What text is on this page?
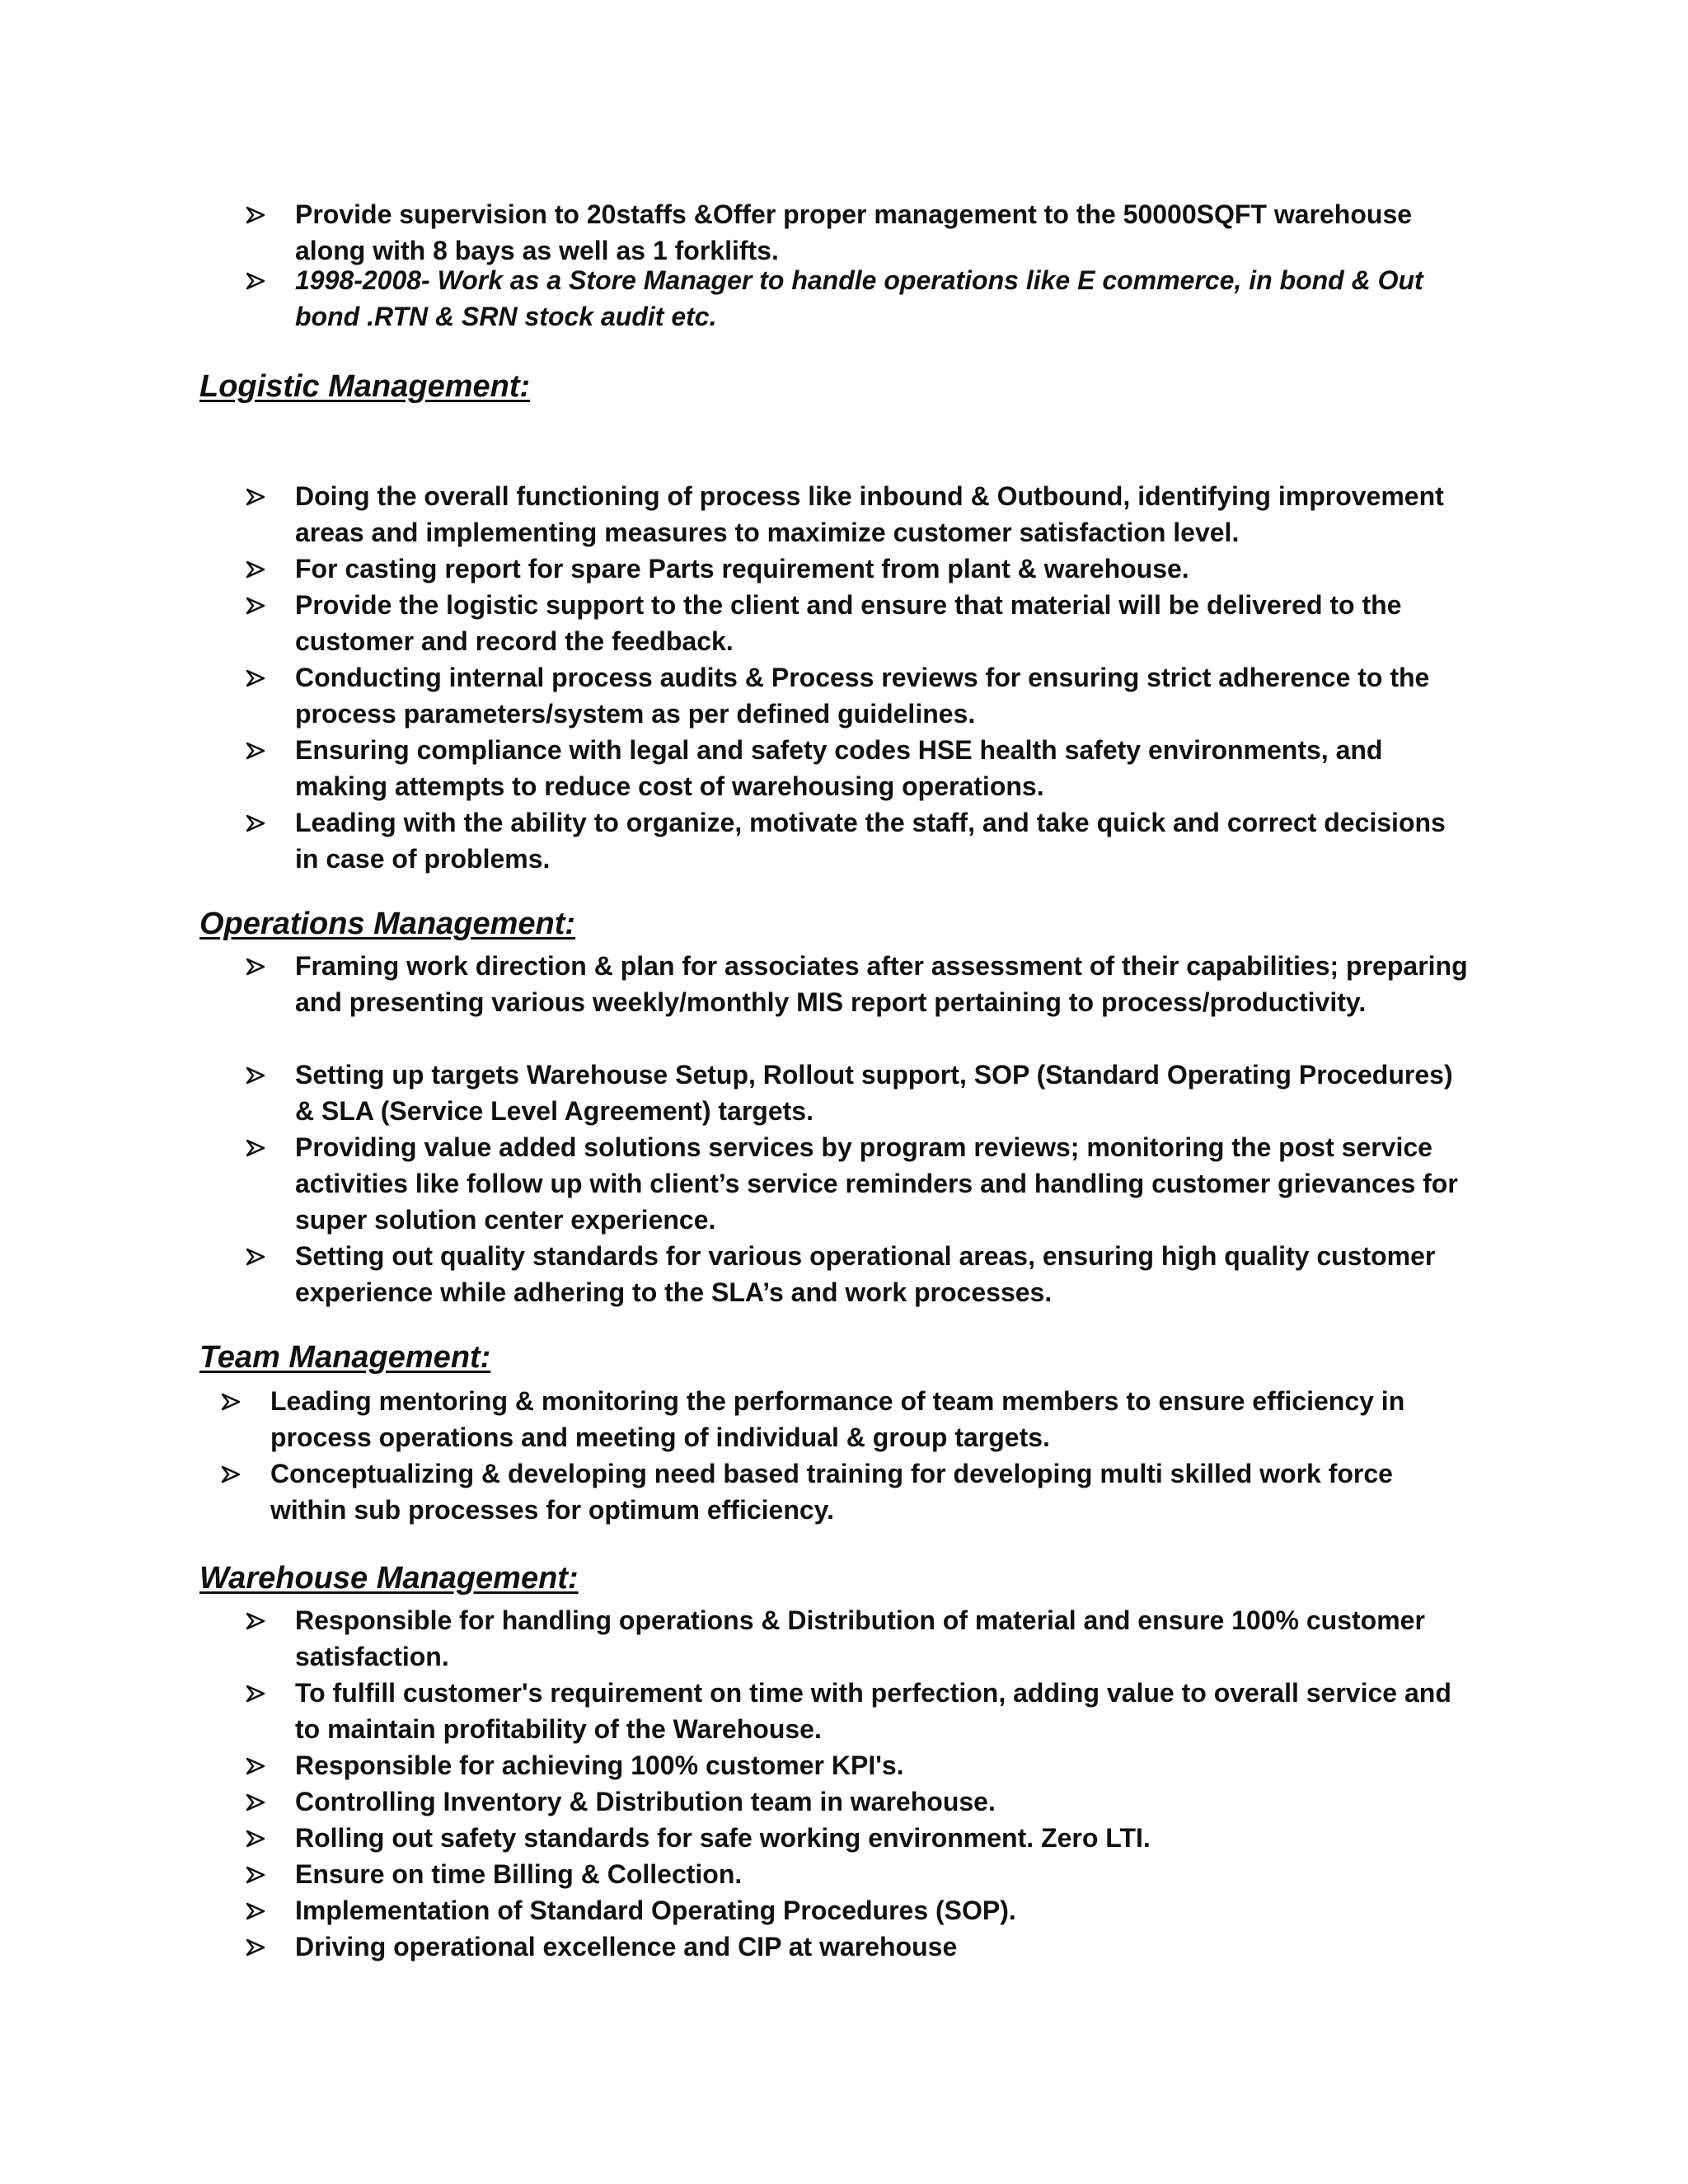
Provide supervision to 20staffs &Offer proper management to the 50000SQFT warehouse along with 8 bays as well as 1 forklifts.
1998-2008- Work as a Store Manager to handle operations like E commerce, in bond & Out bond .RTN & SRN stock audit etc.
Logistic Management:
Doing the overall functioning of process like inbound & Outbound, identifying improvement areas and implementing measures to maximize customer satisfaction level.
For casting report for spare Parts requirement from plant & warehouse.
Provide the logistic support to the client and ensure that material will be delivered to the customer and record the feedback.
Conducting internal process audits & Process reviews for ensuring strict adherence to the process parameters/system as per defined guidelines.
Ensuring compliance with legal and safety codes HSE health safety environments, and making attempts to reduce cost of warehousing operations.
Leading with the ability to organize, motivate the staff, and take quick and correct decisions in case of problems.
Operations Management:
Framing work direction & plan for associates after assessment of their capabilities; preparing and presenting various weekly/monthly MIS report pertaining to process/productivity.
Setting up targets Warehouse Setup, Rollout support, SOP (Standard Operating Procedures) & SLA (Service Level Agreement) targets.
Providing value added solutions services by program reviews; monitoring the post service activities like follow up with client’s service reminders and handling customer grievances for super solution center experience.
Setting out quality standards for various operational areas, ensuring high quality customer experience while adhering to the SLA’s and work processes.
Team Management:
Leading mentoring & monitoring the performance of team members to ensure efficiency in process operations and meeting of individual & group targets.
Conceptualizing & developing need based training for developing multi skilled work force within sub processes for optimum efficiency.
Warehouse Management:
Responsible for handling operations & Distribution of material and ensure 100% customer satisfaction.
To fulfill customer's requirement on time with perfection, adding value to overall service and to maintain profitability of the Warehouse.
Responsible for achieving 100% customer KPI's.
Controlling Inventory & Distribution team in warehouse.
Rolling out safety standards for safe working environment. Zero LTI.
Ensure on time Billing & Collection.
Implementation of Standard Operating Procedures (SOP).
Driving operational excellence and CIP at warehouse
